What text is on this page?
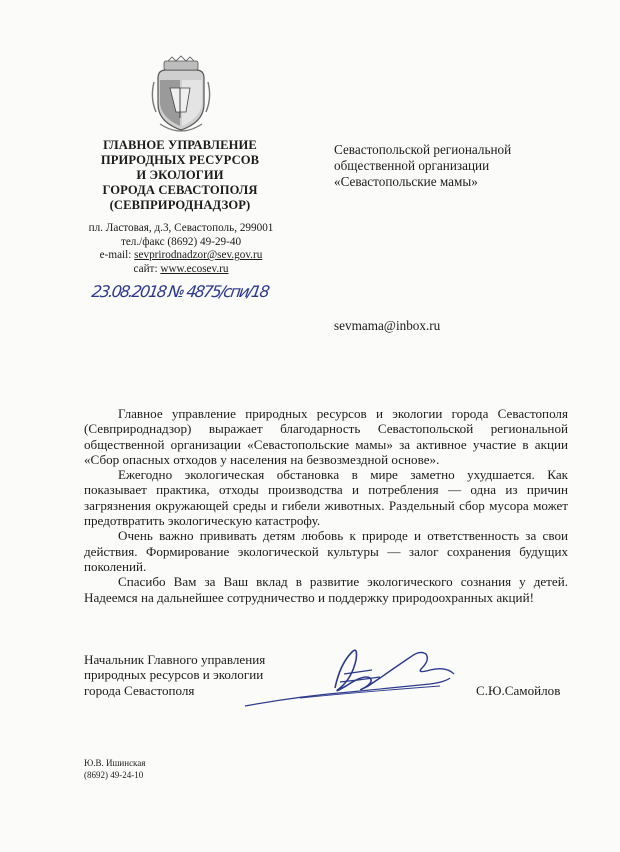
ГЛАВНОЕ УПРАВЛЕНИЕ
ПРИРОДНЫХ РЕСУРСОВ
И ЭКОЛОГИИ
ГОРОДА СЕВАСТОПОЛЯ
(СЕВПРИРОДНАДЗОР)
пл. Ластовая, д.3, Севастополь, 299001
тел./факс (8692) 49-29-40
e-mail: sevprirodnadzor@sev.gov.ru
сайт: www.ecosev.ru
23.08.2018 № 4875/спи/18
Севастопольской региональной
общественной организации
«Севастопольские мамы»
sevmama@inbox.ru

Главное управление природных ресурсов и экологии города Севастополя (Севприроднадзор) выражает благодарность Севастопольской региональной общественной организации «Севастопольские мамы» за активное участие в акции «Сбор опасных отходов у населения на безвозмездной основе».

Ежегодно экологическая обстановка в мире заметно ухудшается. Как показывает практика, отходы производства и потребления — одна из причин загрязнения окружающей среды и гибели животных. Раздельный сбор мусора может предотвратить экологическую катастрофу.

Очень важно прививать детям любовь к природе и ответственность за свои действия. Формирование экологической культуры — залог сохранения будущих поколений.

Спасибо Вам за Ваш вклад в развитие экологического сознания у детей. Надеемся на дальнейшее сотрудничество и поддержку природоохранных акций!

Начальник Главного управления
природных ресурсов и экологии
города Севастополя	С.Ю.Самойлов
Ю.В. Ишинская
(8692) 49-24-10
